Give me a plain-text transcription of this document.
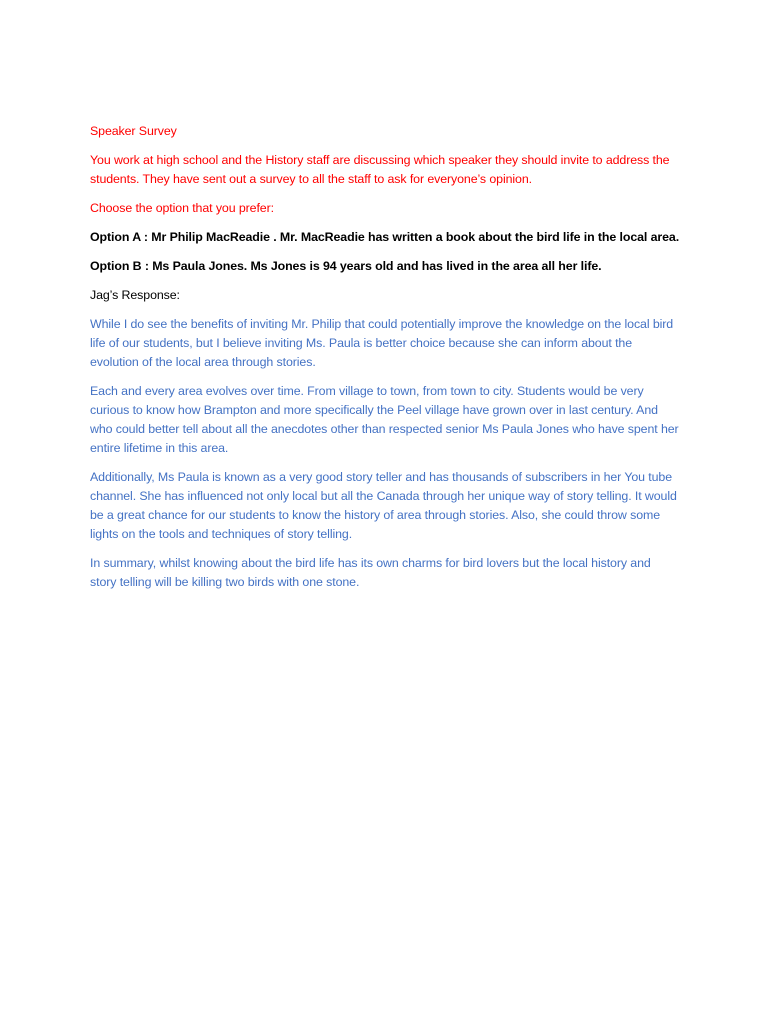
Speaker Survey

You work at high school and the History staff are discussing which speaker they should invite to address the students. They have sent out a survey to all the staff to ask for everyone’s opinion.

Choose the option that you prefer:

Option A : Mr Philip MacReadie . Mr. MacReadie has written a book about the bird life in the local area.

Option B : Ms Paula Jones. Ms Jones is 94 years old and has lived in the area all her life.

Jag’s Response:

While I do see the benefits of inviting Mr. Philip that could potentially improve the knowledge on the local bird life of our students, but I believe inviting Ms. Paula is better choice because she can inform about the evolution of the local area through stories.

Each and every area evolves over time. From village to town, from town to city. Students would be very curious to know how Brampton and more specifically the Peel village have grown over in last century. And who could better tell about all the anecdotes other than respected senior Ms Paula Jones who have spent her entire lifetime in this area.

Additionally, Ms Paula is known as a very good story teller and has thousands of subscribers in her You tube channel. She has influenced not only local but all the Canada through her unique way of story telling. It would be a great chance for our students to know the history of area through stories. Also, she could throw some lights on the tools and techniques of story telling.

In summary, whilst knowing about the bird life has its own charms for bird lovers but the local history and story telling will be killing two birds with one stone.
